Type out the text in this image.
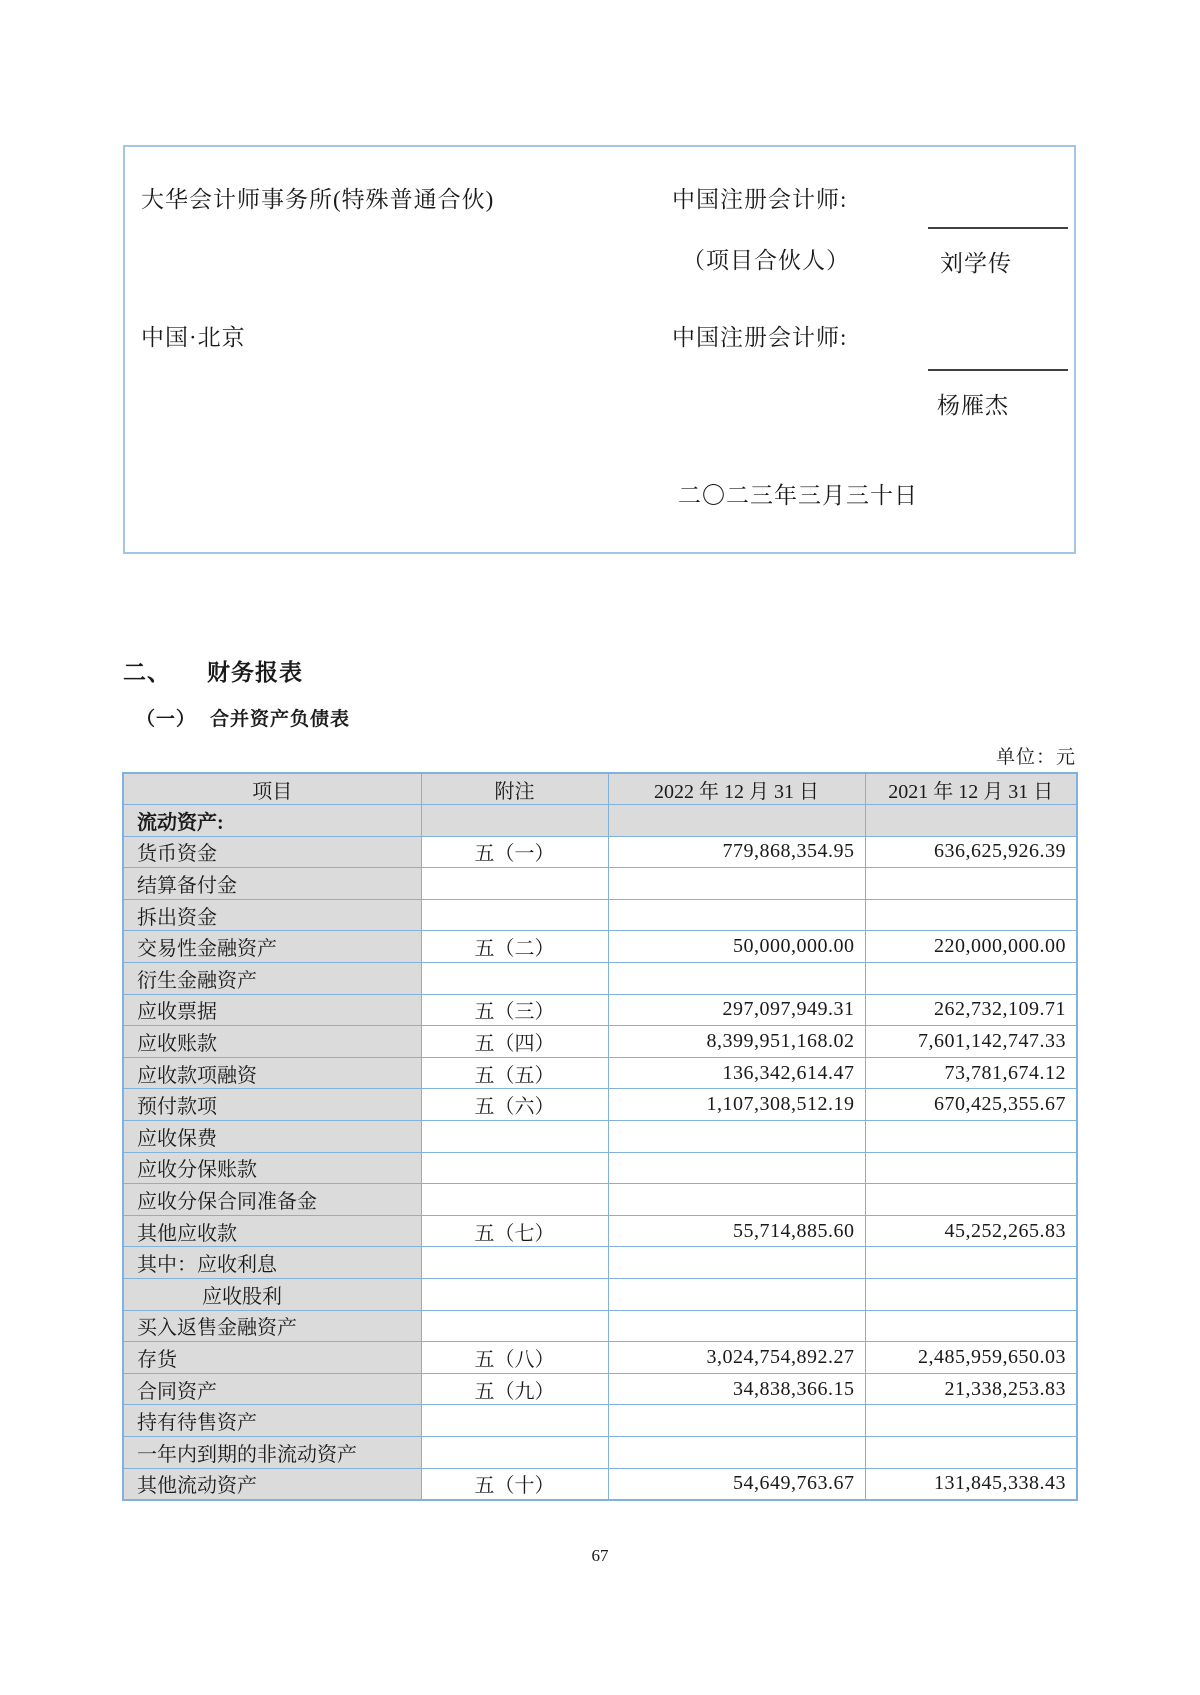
大华会计师事务所(特殊普通合伙)	中国注册会计师:
（项目合伙人）	刘学传
中国·北京	中国注册会计师:
杨雁杰
二〇二三年三月三十日
二、 财务报表
（一） 合并资产负债表
单位：元
项目	附注	2022 年 12 月 31 日	2021 年 12 月 31 日
流动资产:			
货币资金	五（一）	779,868,354.95	636,625,926.39
结算备付金			
拆出资金			
交易性金融资产	五（二）	50,000,000.00	220,000,000.00
衍生金融资产			
应收票据	五（三）	297,097,949.31	262,732,109.71
应收账款	五（四）	8,399,951,168.02	7,601,142,747.33
应收款项融资	五（五）	136,342,614.47	73,781,674.12
预付款项	五（六）	1,107,308,512.19	670,425,355.67
应收保费			
应收分保账款			
应收分保合同准备金			
其他应收款	五（七）	55,714,885.60	45,252,265.83
其中：应收利息			
应收股利			
买入返售金融资产			
存货	五（八）	3,024,754,892.27	2,485,959,650.03
合同资产	五（九）	34,838,366.15	21,338,253.83
持有待售资产			
一年内到期的非流动资产			
其他流动资产	五（十）	54,649,763.67	131,845,338.43
67
